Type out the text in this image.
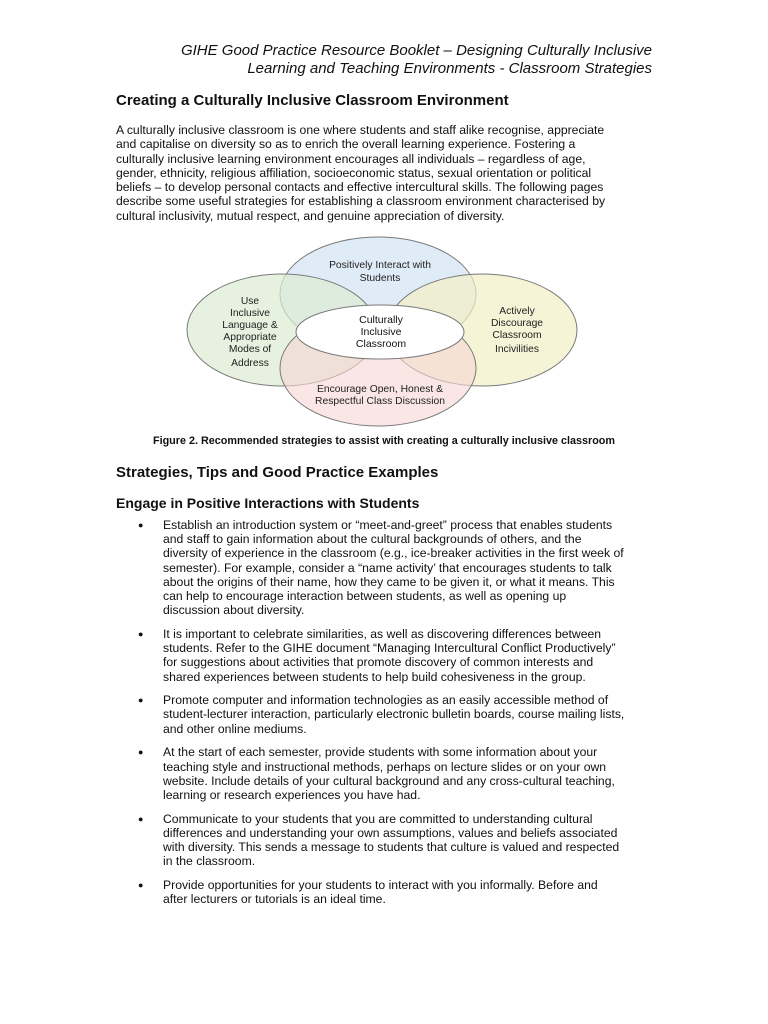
GIHE Good Practice Resource Booklet – Designing Culturally Inclusive
Learning and Teaching Environments - Classroom Strategies
Creating a Culturally Inclusive Classroom Environment

A culturally inclusive classroom is one where students and staff alike recognise, appreciate
and capitalise on diversity so as to enrich the overall learning experience. Fostering a
culturally inclusive learning environment encourages all individuals – regardless of age,
gender, ethnicity, religious affiliation, socioeconomic status, sexual orientation or political
beliefs – to develop personal contacts and effective intercultural skills. The following pages
describe some useful strategies for establishing a classroom environment characterised by
cultural inclusivity, mutual respect, and genuine appreciation of diversity.

Positively Interact with
Students
Use
Inclusive
Language &
Appropriate
Modes of
Address
Actively
Discourage
Classroom
Incivilities
Culturally
Inclusive
Classroom
Encourage Open, Honest &
Respectful Class Discussion
Figure 2. Recommended strategies to assist with creating a culturally inclusive classroom
Strategies, Tips and Good Practice Examples
Engage in Positive Interactions with Students
● Establish an introduction system or “meet-and-greet” process that enables students
and staff to gain information about the cultural backgrounds of others, and the
diversity of experience in the classroom (e.g., ice-breaker activities in the first week of
semester). For example, consider a “name activity’ that encourages students to talk
about the origins of their name, how they came to be given it, or what it means. This
can help to encourage interaction between students, as well as opening up
discussion about diversity.
● It is important to celebrate similarities, as well as discovering differences between
students. Refer to the GIHE document “Managing Intercultural Conflict Productively”
for suggestions about activities that promote discovery of common interests and
shared experiences between students to help build cohesiveness in the group.
● Promote computer and information technologies as an easily accessible method of
student-lecturer interaction, particularly electronic bulletin boards, course mailing lists,
and other online mediums.
● At the start of each semester, provide students with some information about your
teaching style and instructional methods, perhaps on lecture slides or on your own
website. Include details of your cultural background and any cross-cultural teaching,
learning or research experiences you have had.
● Communicate to your students that you are committed to understanding cultural
differences and understanding your own assumptions, values and beliefs associated
with diversity. This sends a message to students that culture is valued and respected
in the classroom.
● Provide opportunities for your students to interact with you informally. Before and
after lecturers or tutorials is an ideal time.
